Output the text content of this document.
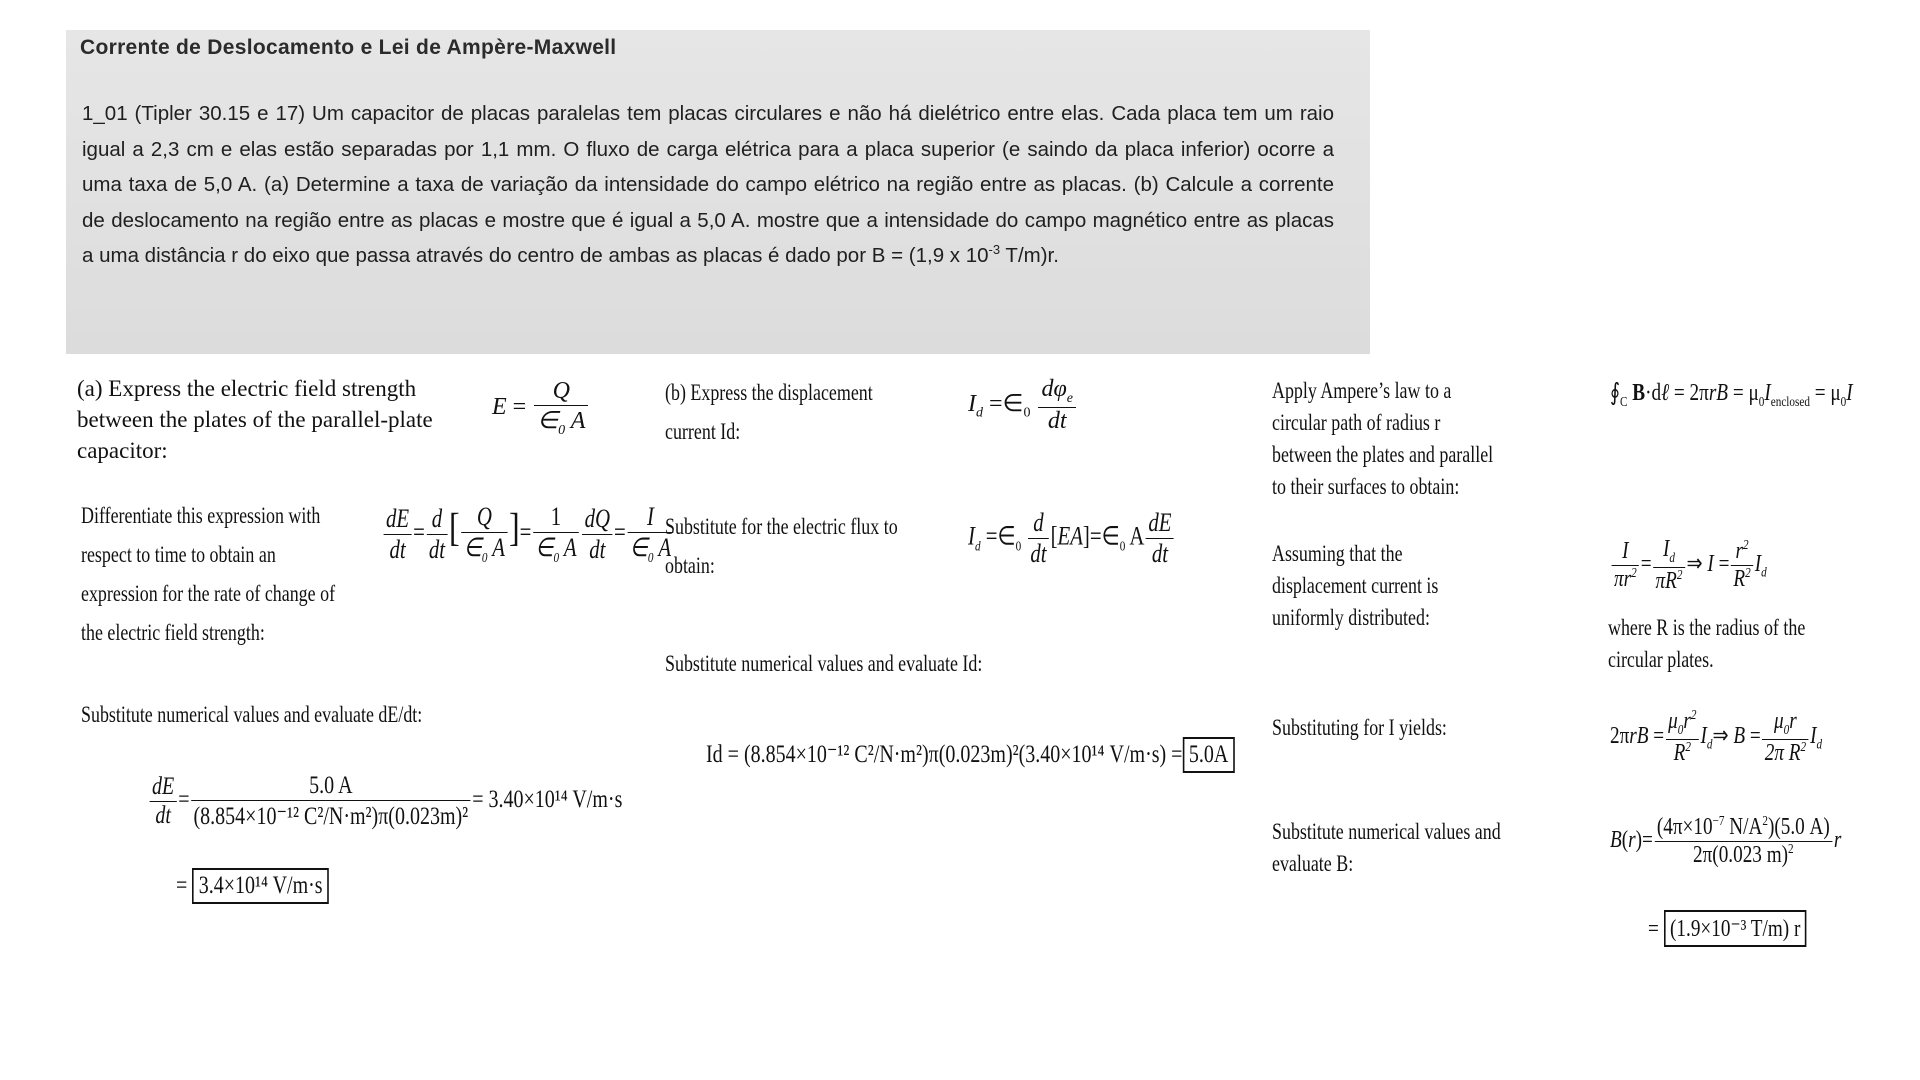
Corrente de Deslocamento e Lei de Ampère-Maxwell
1_01 (Tipler 30.15 e 17) Um capacitor de placas paralelas tem placas circulares e não há dielétrico entre elas. Cada placa tem um raio igual a 2,3 cm e elas estão separadas por 1,1 mm. O fluxo de carga elétrica para a placa superior (e saindo da placa inferior) ocorre a uma taxa de 5,0 A. (a) Determine a taxa de variação da intensidade do campo elétrico na região entre as placas. (b) Calcule a corrente de deslocamento na região entre as placas e mostre que é igual a 5,0 A. mostre que a intensidade do campo magnético entre as placas a uma distância r do eixo que passa através do centro de ambas as placas é dado por B = (1,9 x $10^{-3}$ T/m)r.
(a) Express the electric field strength between the plates of the parallel-plate capacitor:
$E = \frac{Q}{\in_0 A}$
Differentiate this expression with respect to time to obtain an expression for the rate of change of the electric field strength:
$\frac{dE}{dt} = \frac{d}{dt}$ [ $\frac{Q}{\in_0 A}$ ]= $\frac{1}{\in_0 A} \frac{dQ}{dt} = \frac{I}{\in_0 A}$
Substitute numerical values and evaluate dE/dt:
$\frac{dE}{dt} = \frac{5.0 A}{\text{(8.854×10⁻¹² C²/N·m²)π(0.023m)²}} = 3.40\times 10^{14}$ V/m·s
= 3.4×10¹⁴ V/m·s
(b) Express the displacement current Id:
$I_d$ $=\in_0 \frac{d\varphi_e}{dt}$
Substitute for the electric flux to obtain:
$I_d$ $=\in_0 \frac{d}{dt}$ $[EA]=\in_0$ A $\frac{dE}{dt}$
Substitute numerical values and evaluate Id:
Id = (8.854×10⁻¹² C²/N·m²)π(0.023m)²(3.40×10¹⁴ V/m·s) = 5.0A
Apply Ampere’s law to a circular path of radius r between the plates and parallel to their surfaces to obtain:
$∮_C$ B·dℓ = $2\pi rB = \mu_0I_{enclosed} = \mu_0I$
Assuming that the displacement current is uniformly distributed:
$\frac{I}{\pi r^2} = \frac{I_d}{\pi R^2}$ ⇒ $I = \frac{r^2}{R^2} I_d$
where R is the radius of the circular plates.
Substituting for I yields:	$2\pi rB = \frac{\mu_0r^2}{R^2}$ $I_d\Rightarrow$ $B = \frac{\mu_0r}{2\pi R^2} I_d$
Substitute numerical values and evaluate B:
$B(r)= \frac{(4\pi\times 10^{-7} N/A^2)(5.0 A)}{2\pi(0.023 m)^2}$ r
= (1.9×10⁻³ T/m) r
